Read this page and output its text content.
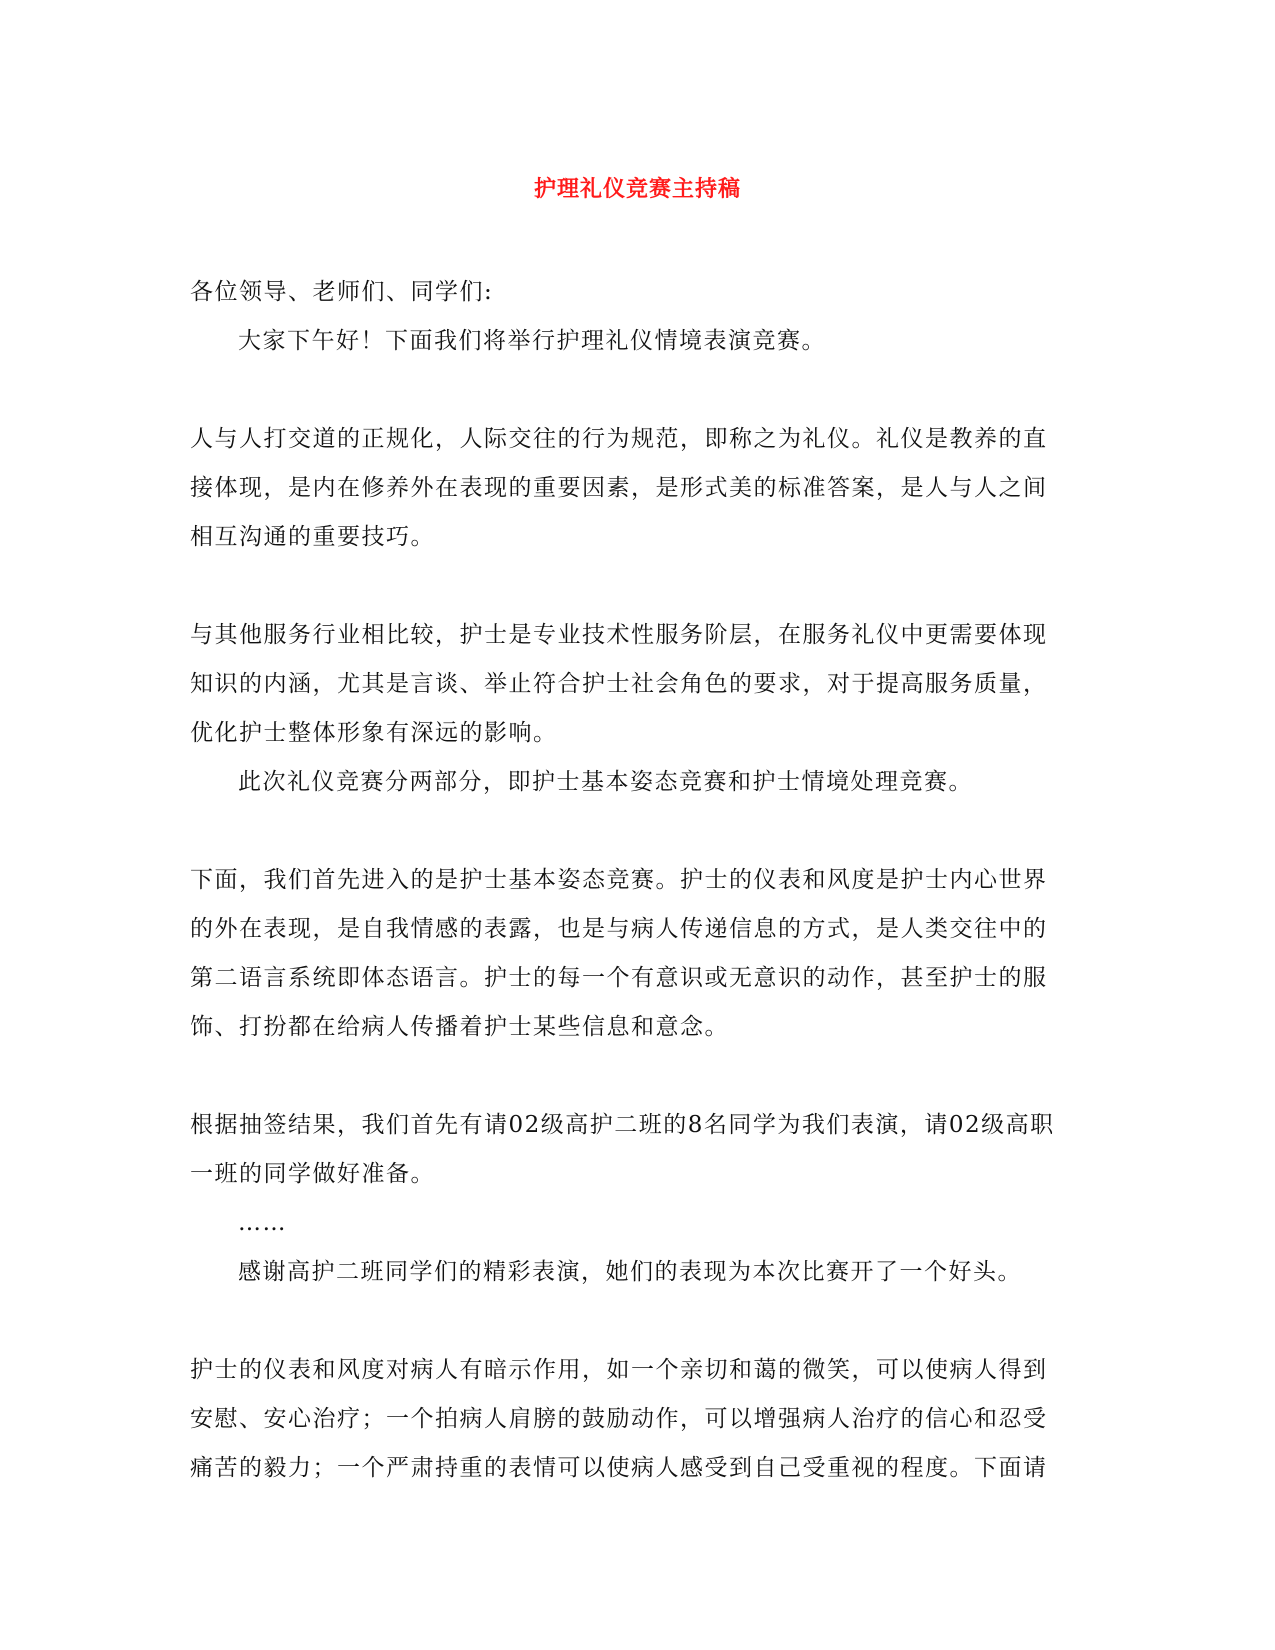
护理礼仪竞赛主持稿

各位领导、老师们、同学们:

大家下午好！下面我们将举行护理礼仪情境表演竞赛。

人与人打交道的正规化，人际交往的行为规范，即称之为礼仪。礼仪是教养的直接体现，是内在修养外在表现的重要因素，是形式美的标准答案，是人与人之间相互沟通的重要技巧。

与其他服务行业相比较，护士是专业技术性服务阶层，在服务礼仪中更需要体现知识的内涵，尤其是言谈、举止符合护士社会角色的要求，对于提高服务质量，优化护士整体形象有深远的影响。

此次礼仪竞赛分两部分，即护士基本姿态竞赛和护士情境处理竞赛。

下面，我们首先进入的是护士基本姿态竞赛。护士的仪表和风度是护士内心世界的外在表现，是自我情感的表露，也是与病人传递信息的方式，是人类交往中的第二语言系统即体态语言。护士的每一个有意识或无意识的动作，甚至护士的服饰、打扮都在给病人传播着护士某些信息和意念。

根据抽签结果，我们首先有请02级高护二班的8名同学为我们表演，请02级高职一班的同学做好准备。

……

感谢高护二班同学们的精彩表演，她们的表现为本次比赛开了一个好头。

护士的仪表和风度对病人有暗示作用，如一个亲切和蔼的微笑，可以使病人得到安慰、安心治疗；一个拍病人肩膀的鼓励动作，可以增强病人治疗的信心和忍受痛苦的毅力；一个严肃持重的表情可以使病人感受到自己受重视的程度。下面请
